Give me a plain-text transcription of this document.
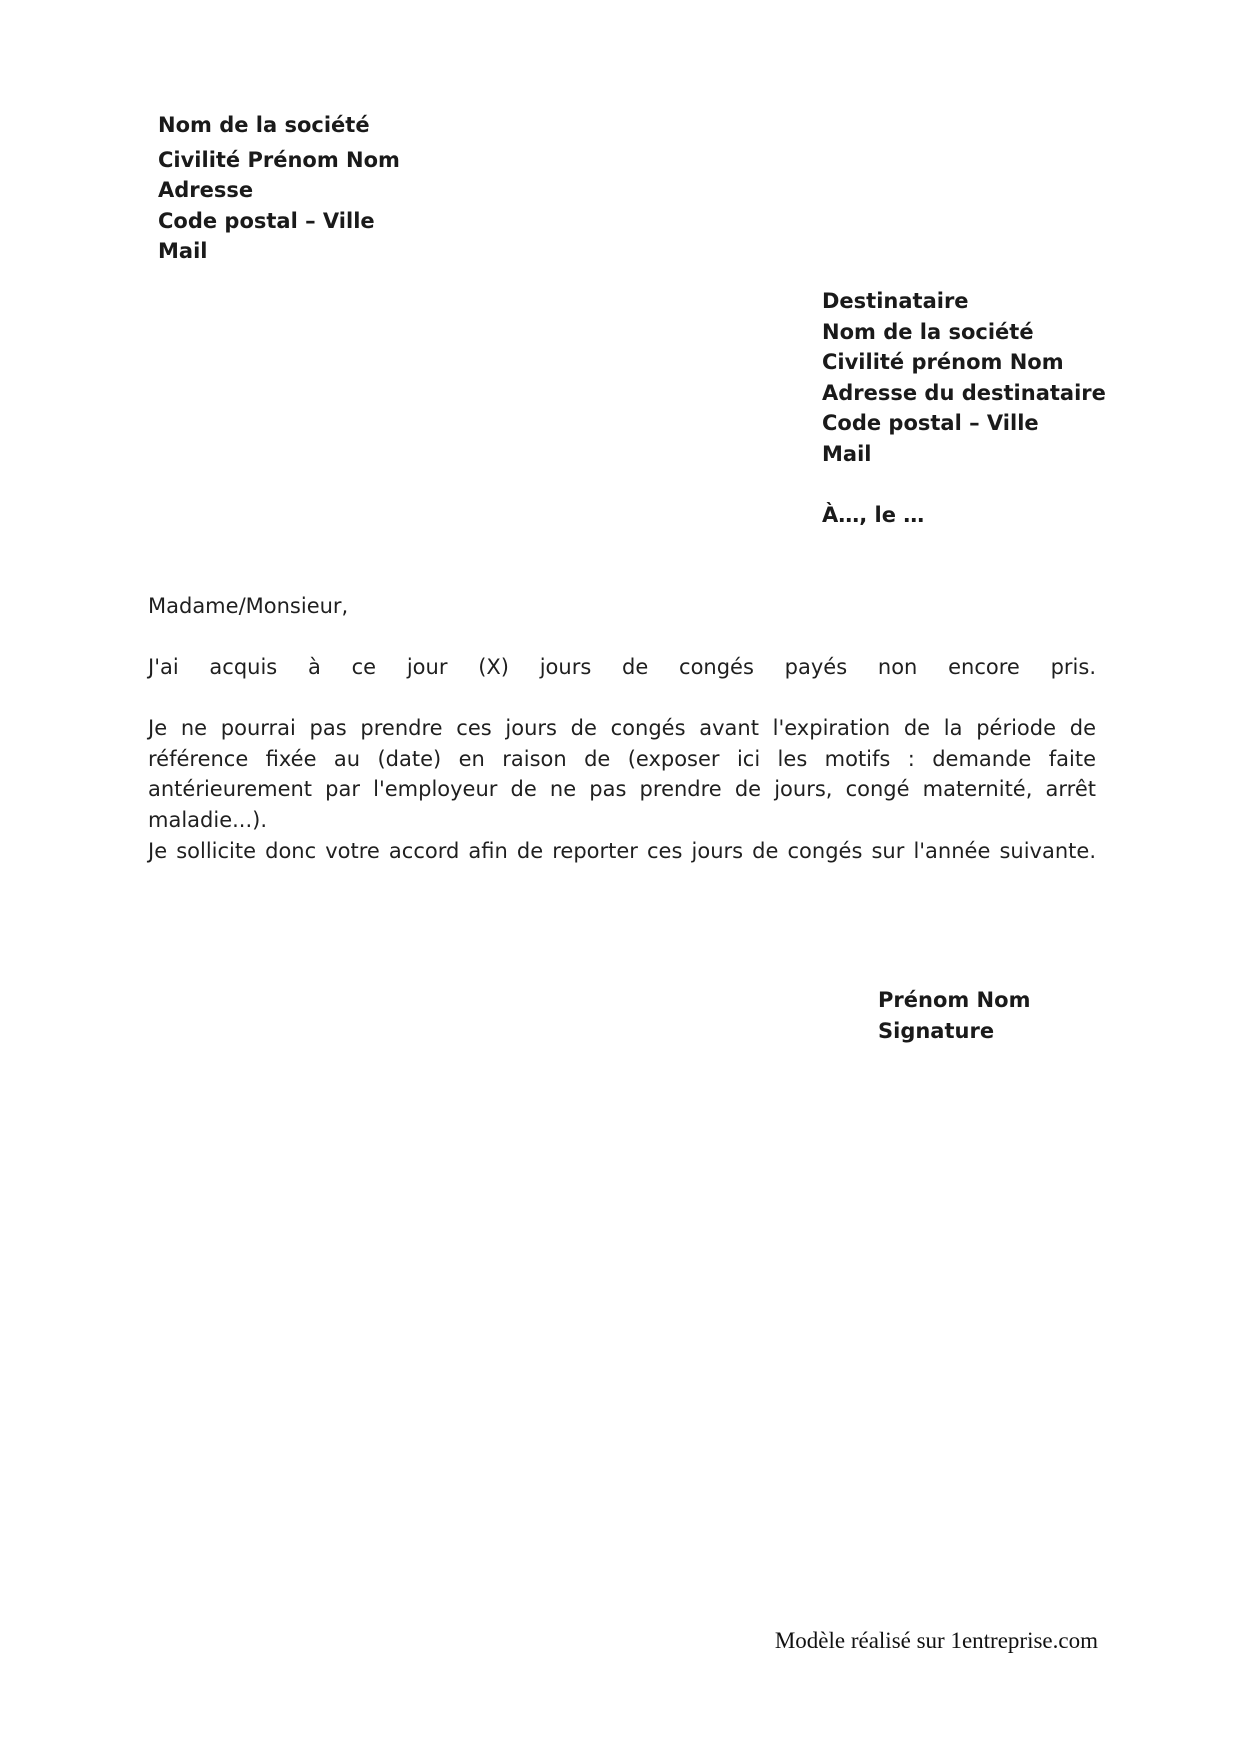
Nom de la société
Civilité Prénom Nom
Adresse
Code postal – Ville
Mail
Destinataire
Nom de la société
Civilité prénom Nom
Adresse du destinataire
Code postal – Ville
Mail
À…, le …
Madame/Monsieur,
J'ai acquis à ce jour (X) jours de congés payés non encore pris.
Je ne pourrai pas prendre ces jours de congés avant l'expiration de la période de référence fixée au (date) en raison de (exposer ici les motifs : demande faite antérieurement par l'employeur de ne pas prendre de jours, congé maternité, arrêt maladie...).
Je sollicite donc votre accord afin de reporter ces jours de congés sur l'année suivante.
Prénom Nom
Signature
Modèle réalisé sur 1entreprise.com
